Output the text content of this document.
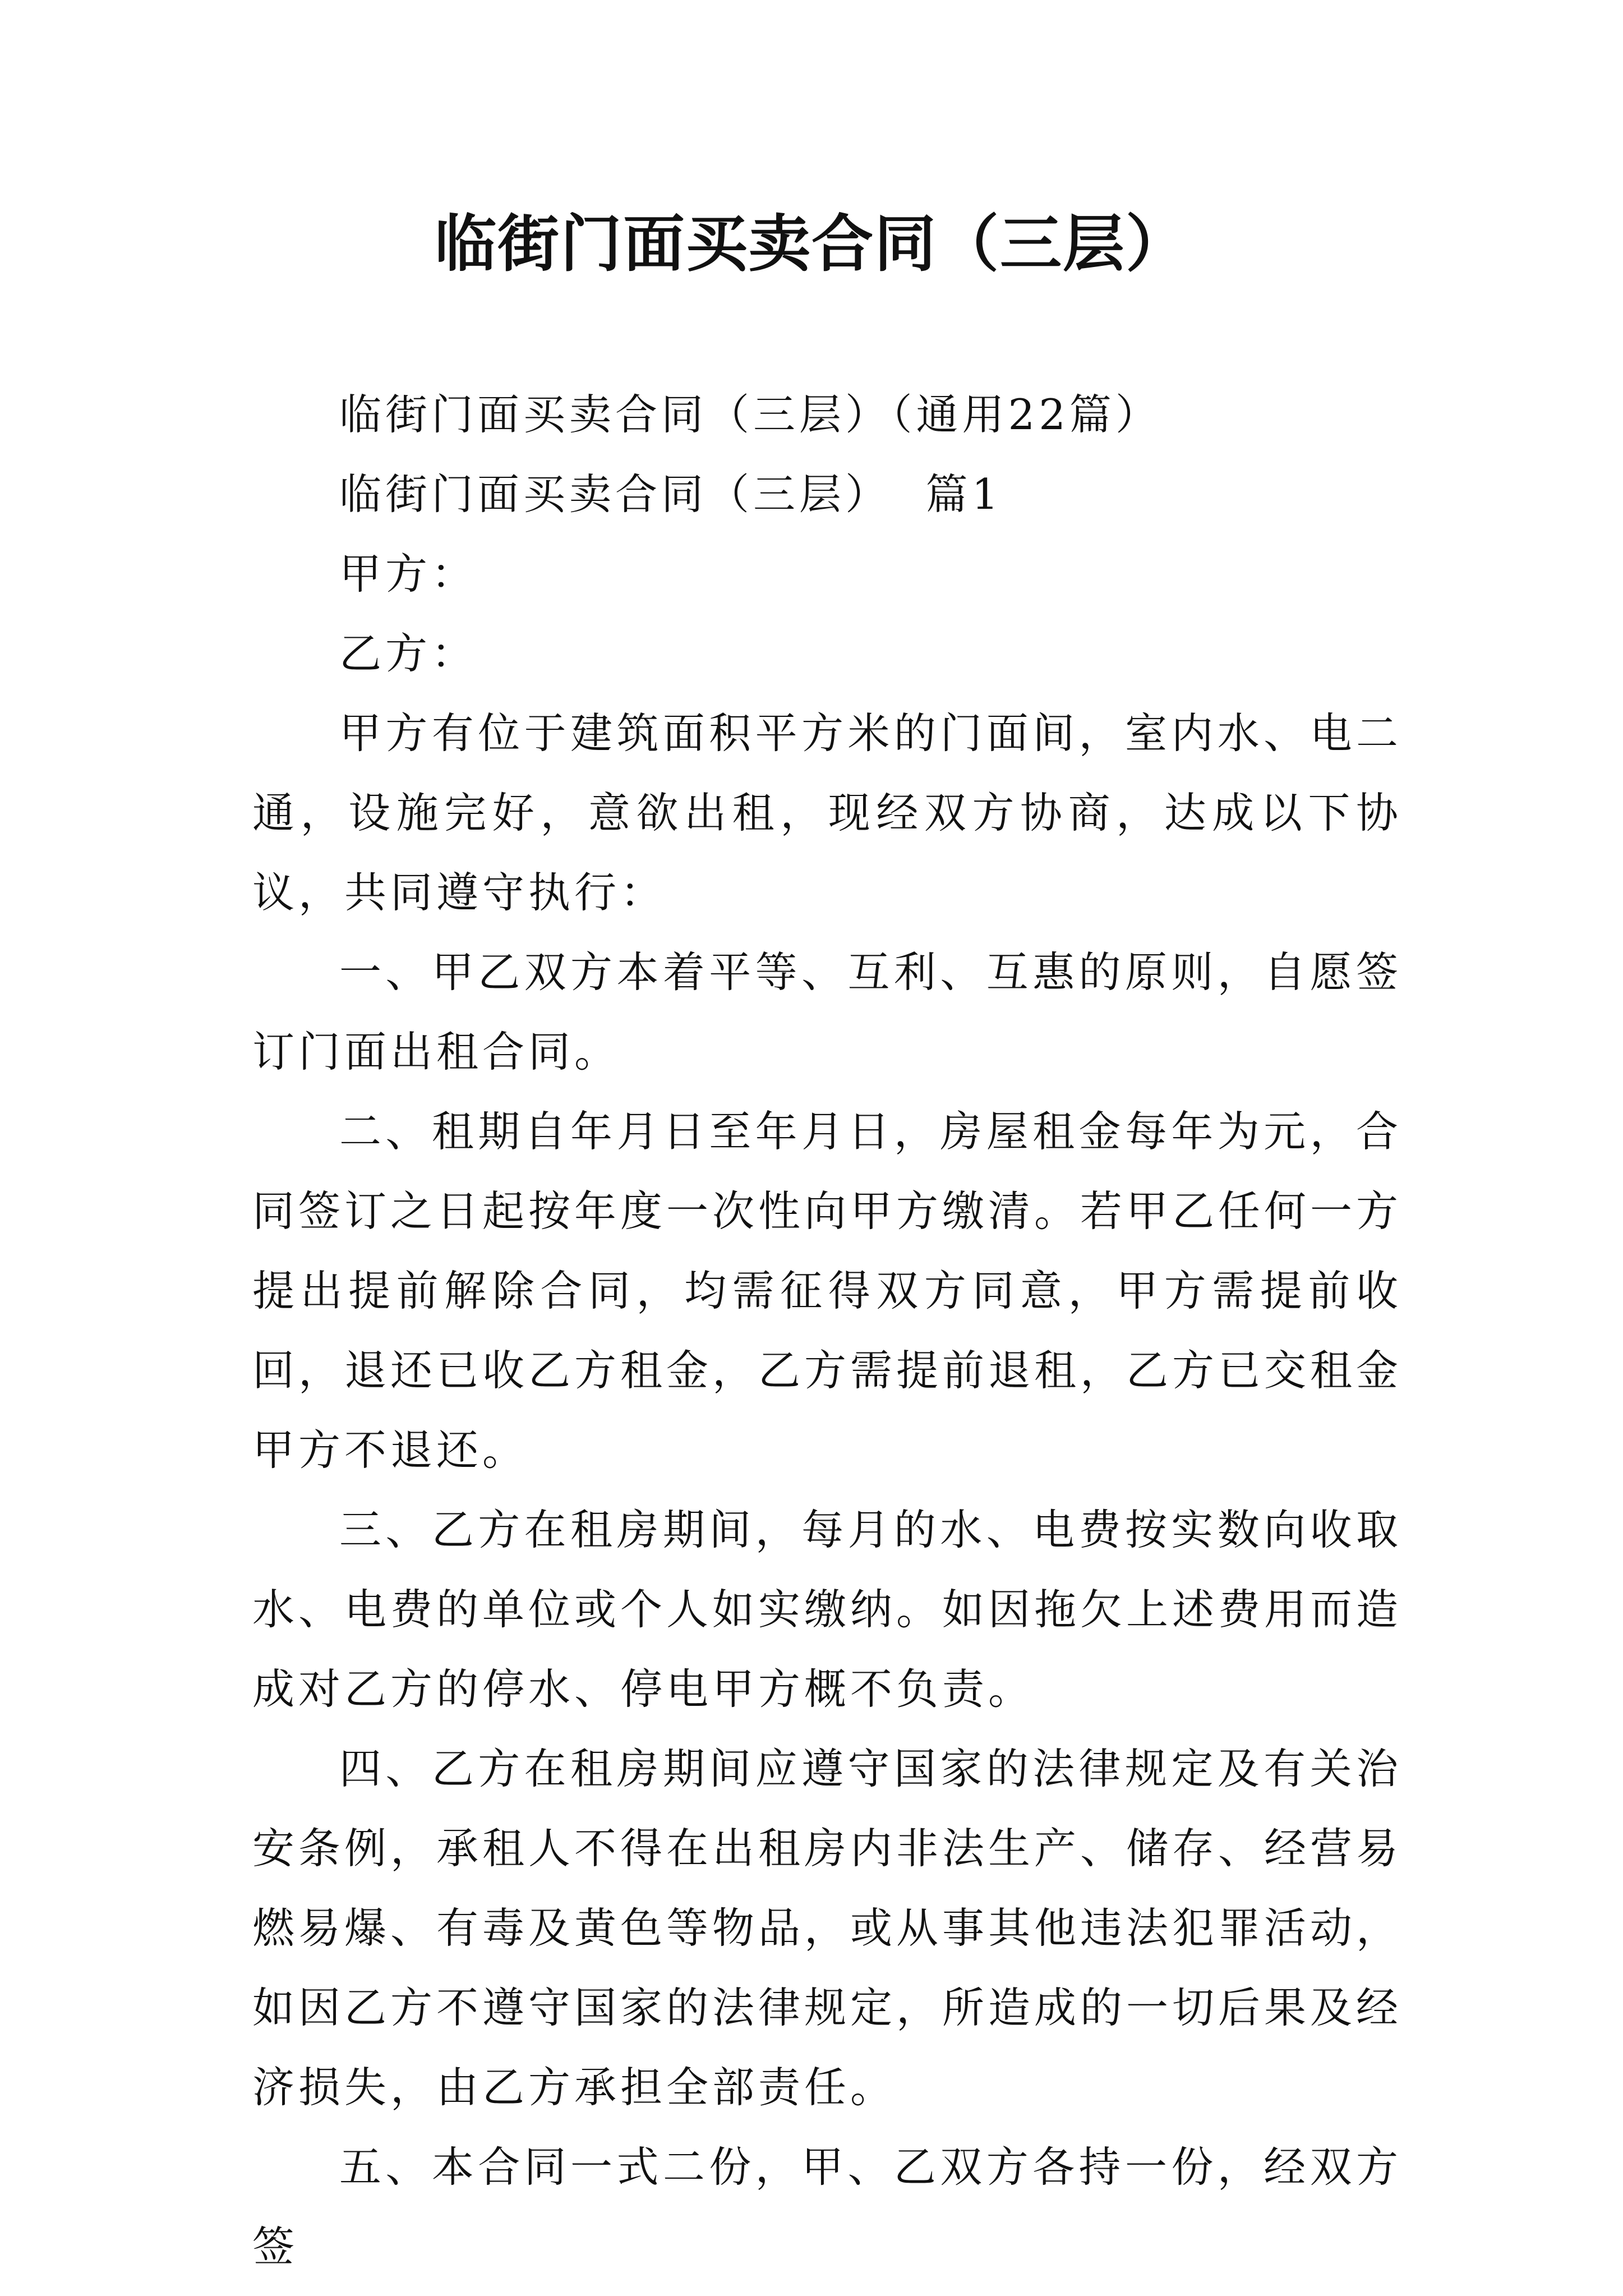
临街门面买卖合同（三层）

临街门面买卖合同（三层）（通用22篇）

临街门面买卖合同（三层）  篇1

甲方：

乙方：

甲方有位于建筑面积平方米的门面间，室内水、电二通，设施完好，意欲出租，现经双方协商，达成以下协议，共同遵守执行：

一、甲乙双方本着平等、互利、互惠的原则，自愿签订门面出租合同。

二、租期自年月日至年月日，房屋租金每年为元，合同签订之日起按年度一次性向甲方缴清。若甲乙任何一方提出提前解除合同，均需征得双方同意，甲方需提前收回，退还已收乙方租金，乙方需提前退租，乙方已交租金甲方不退还。

三、乙方在租房期间，每月的水、电费按实数向收取水、电费的单位或个人如实缴纳。如因拖欠上述费用而造成对乙方的停水、停电甲方概不负责。

四、乙方在租房期间应遵守国家的法律规定及有关治安条例，承租人不得在出租房内非法生产、储存、经营易燃易爆、有毒及黄色等物品，或从事其他违法犯罪活动，如因乙方不遵守国家的法律规定，所造成的一切后果及经济损失，由乙方承担全部责任。

五、本合同一式二份，甲、乙双方各持一份，经双方签
